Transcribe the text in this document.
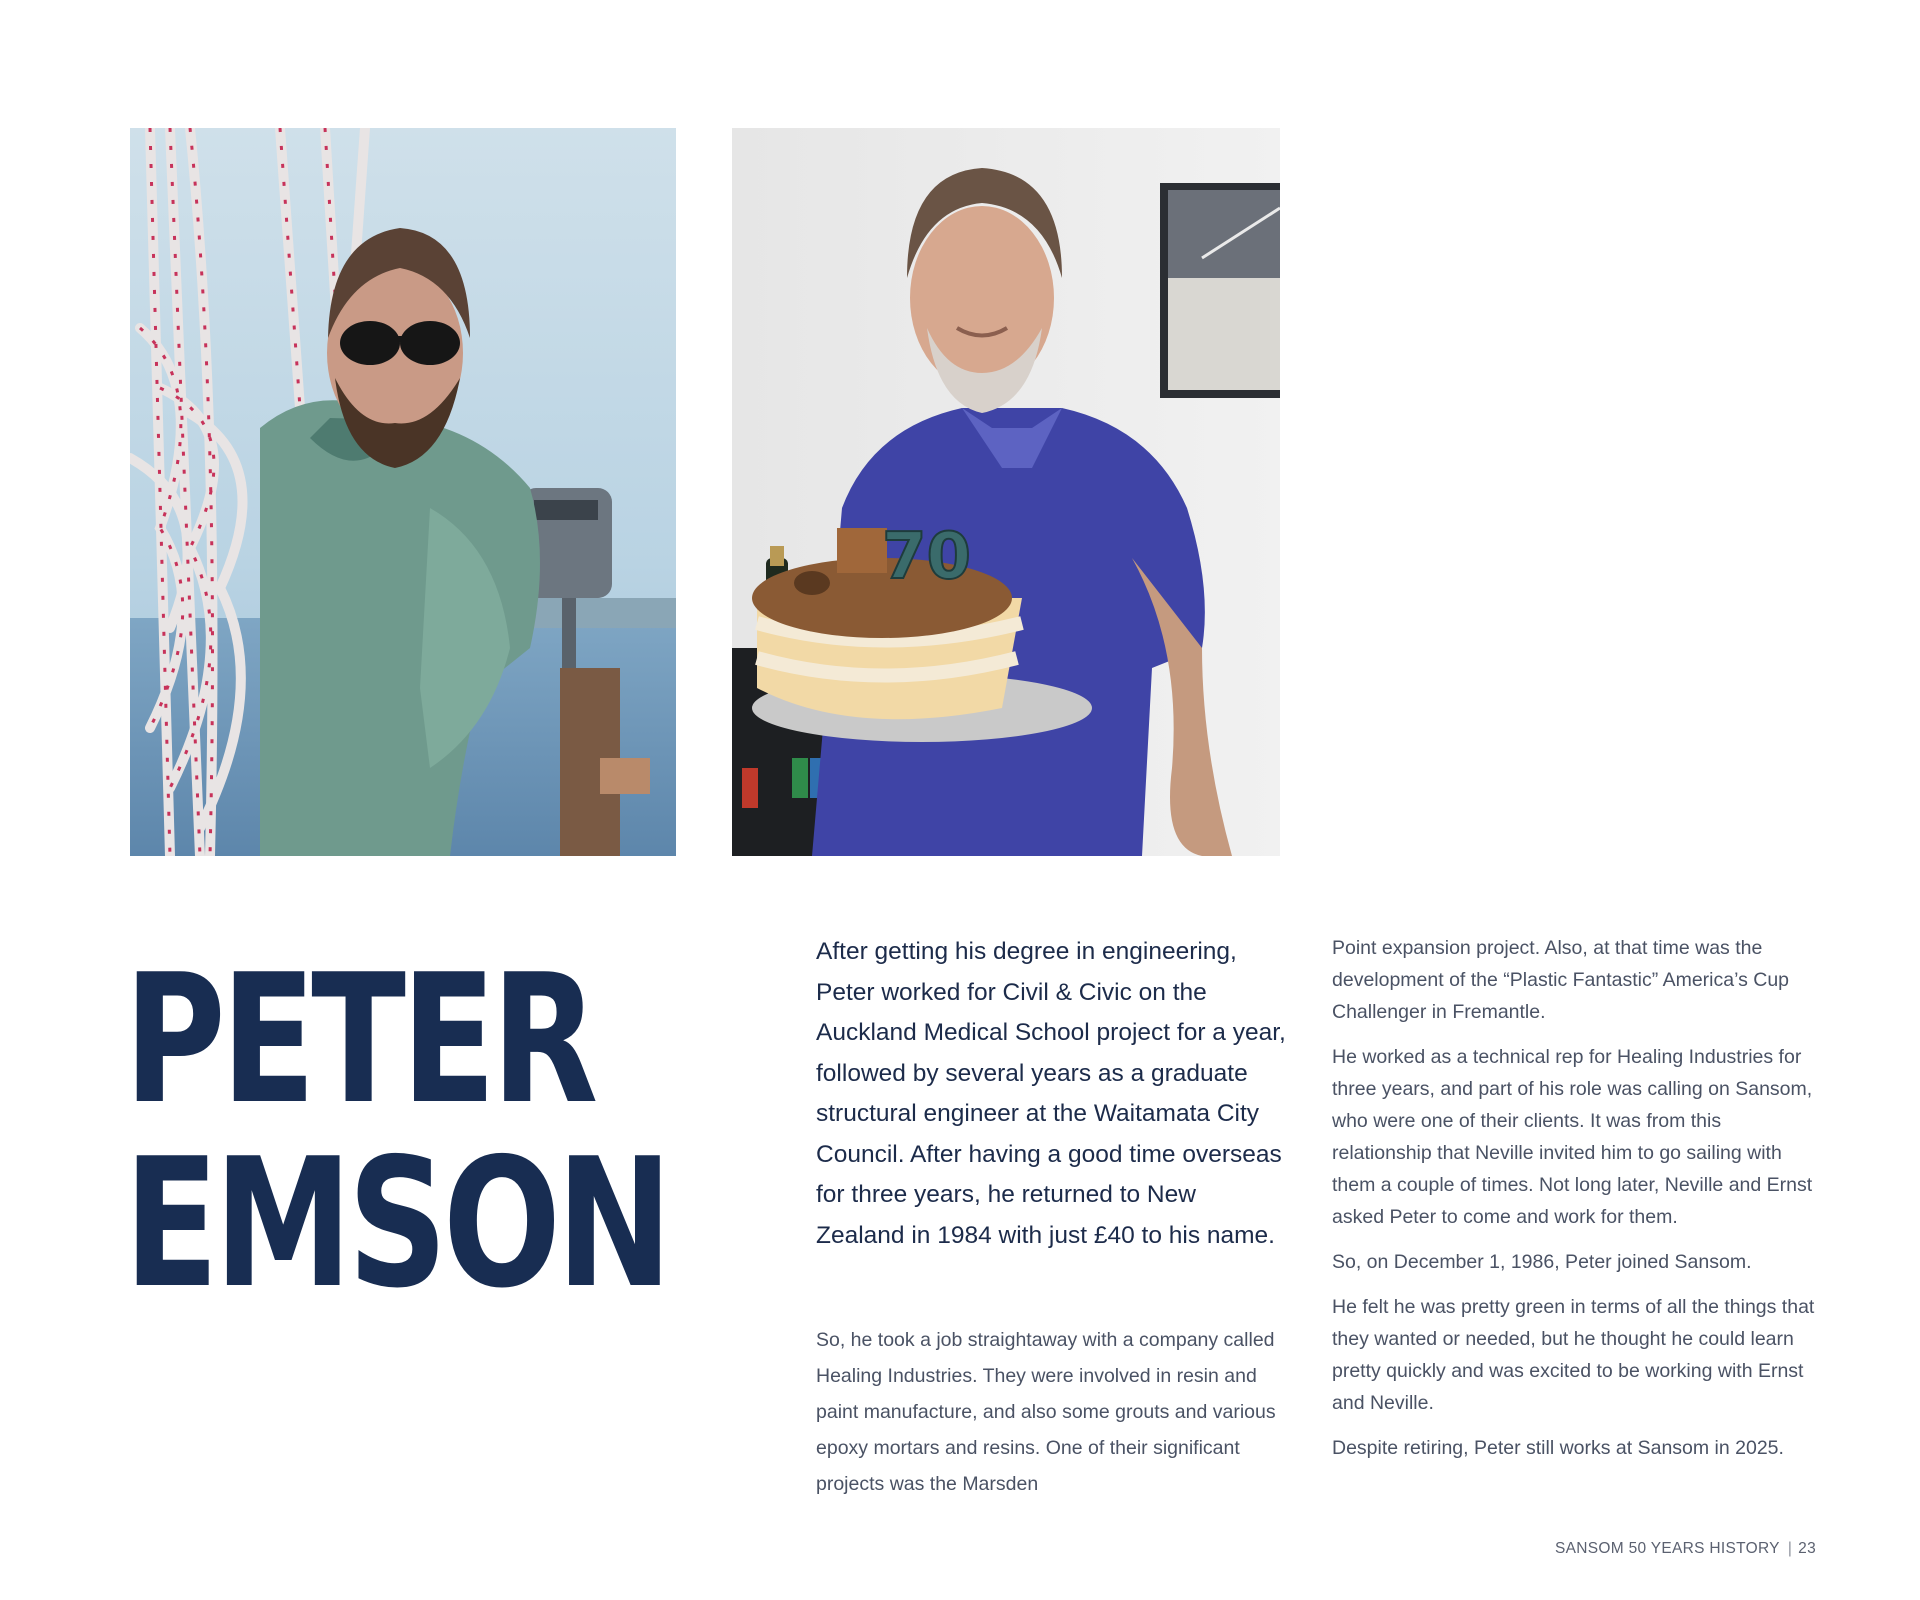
70
PETER
EMSON

After getting his degree in engineering, Peter worked for Civil & Civic on the Auckland Medical School project for a year, followed by several years as a graduate structural engineer at the Waitamata City Council. After having a good time overseas for three years, he returned to New Zealand in 1984 with just £40 to his name.

So, he took a job straightaway with a company called Healing Industries. They were involved in resin and paint manufacture, and also some grouts and various epoxy mortars and resins. One of their significant projects was the Marsden

Point expansion project. Also, at that time was the development of the “Plastic Fantastic” America’s Cup Challenger in Fremantle.

He worked as a technical rep for Healing Industries for three years, and part of his role was calling on Sansom, who were one of their clients. It was from this relationship that Neville invited him to go sailing with them a couple of times. Not long later, Neville and Ernst asked Peter to come and work for them.

So, on December 1, 1986, Peter joined Sansom.

He felt he was pretty green in terms of all the things that they wanted or needed, but he thought he could learn pretty quickly and was excited to be working with Ernst and Neville.

Despite retiring, Peter still works at Sansom in 2025.

SANSOM 50 YEARS HISTORY | 23
